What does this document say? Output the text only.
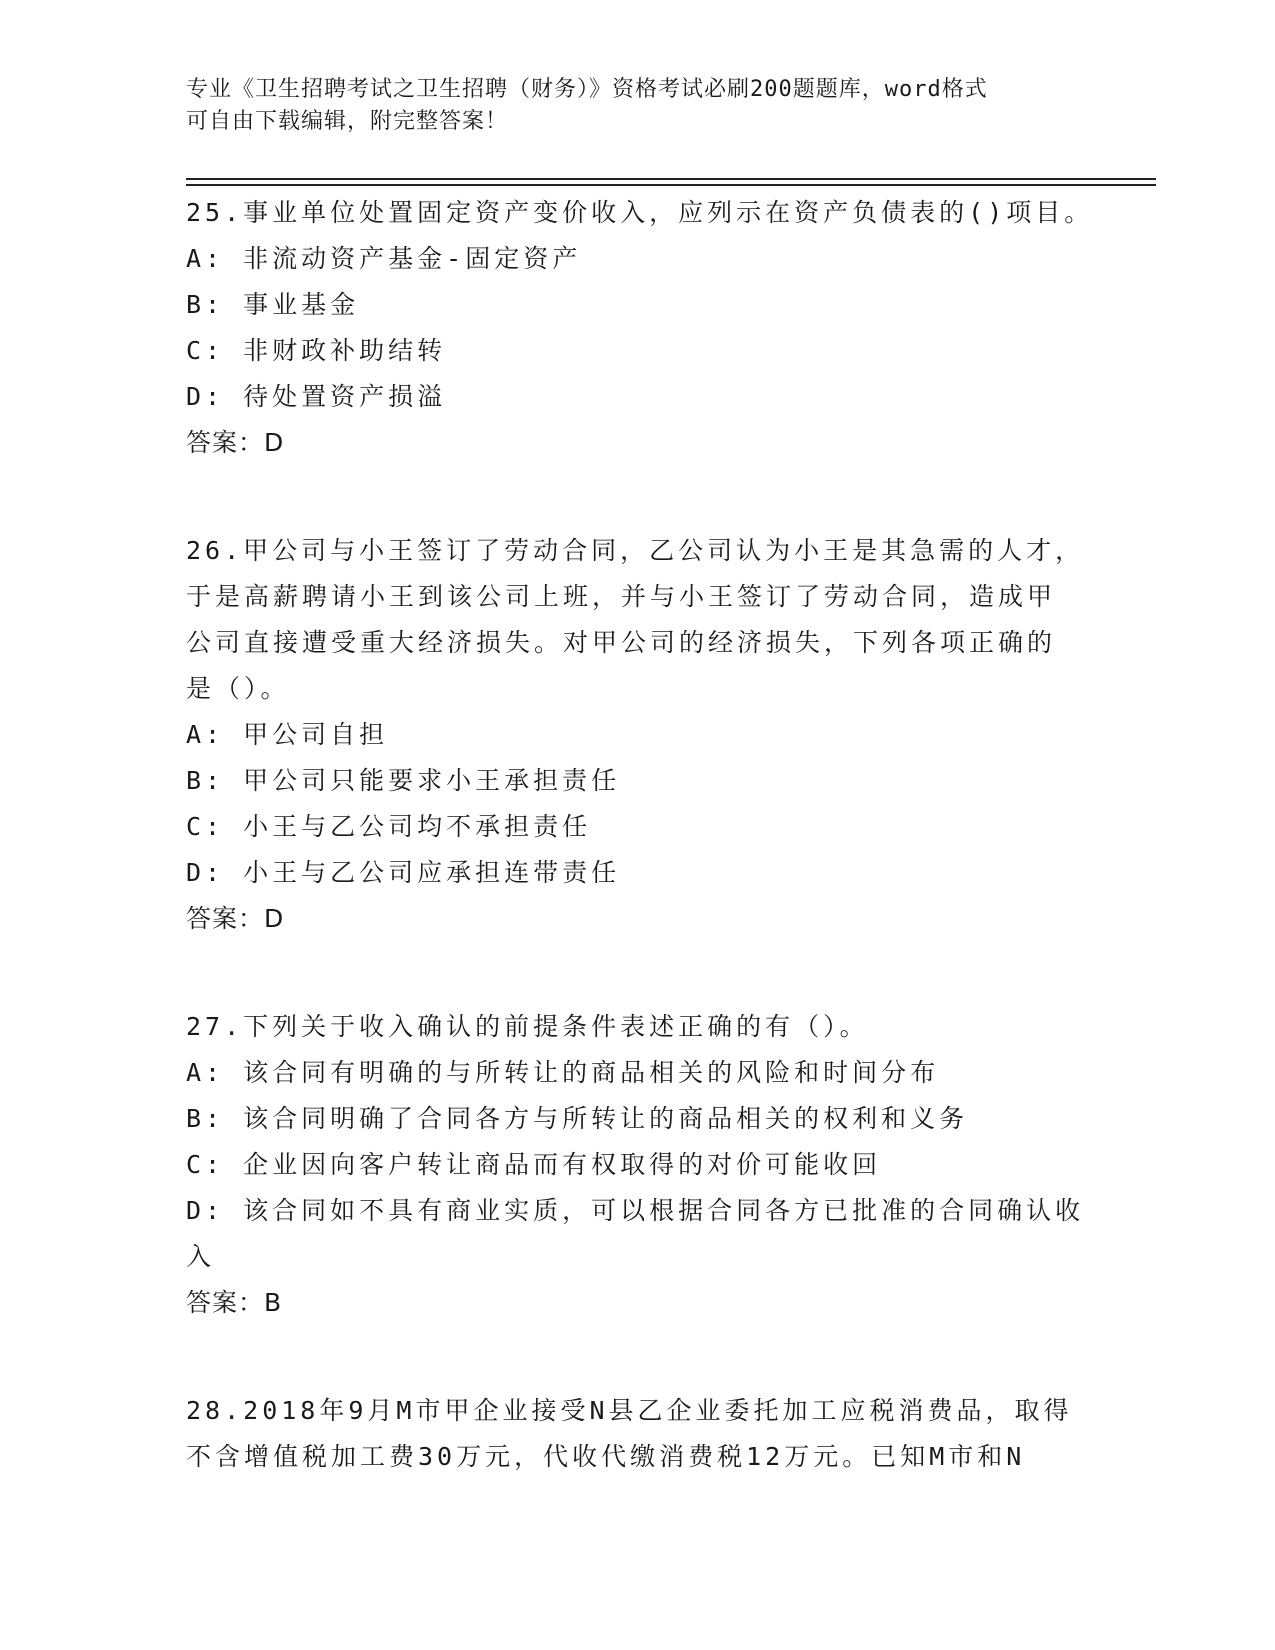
专业《卫生招聘考试之卫生招聘（财务）》资格考试必刷200题题库，word格式
可自由下载编辑，附完整答案！
25.事业单位处置固定资产变价收入，应列示在资产负债表的()项目。
A: 非流动资产基金-固定资产
B: 事业基金
C: 非财政补助结转
D: 待处置资产损溢
答案：D
26.甲公司与小王签订了劳动合同，乙公司认为小王是其急需的人才，
于是高薪聘请小王到该公司上班，并与小王签订了劳动合同，造成甲
公司直接遭受重大经济损失。对甲公司的经济损失，下列各项正确的
是（）。
A: 甲公司自担
B: 甲公司只能要求小王承担责任
C: 小王与乙公司均不承担责任
D: 小王与乙公司应承担连带责任
答案：D
27.下列关于收入确认的前提条件表述正确的有（）。
A: 该合同有明确的与所转让的商品相关的风险和时间分布
B: 该合同明确了合同各方与所转让的商品相关的权利和义务
C: 企业因向客户转让商品而有权取得的对价可能收回
D: 该合同如不具有商业实质，可以根据合同各方已批准的合同确认收
入
答案：B
28.2018年9月M市甲企业接受N县乙企业委托加工应税消费品，取得
不含增值税加工费30万元，代收代缴消费税12万元。已知M市和N
